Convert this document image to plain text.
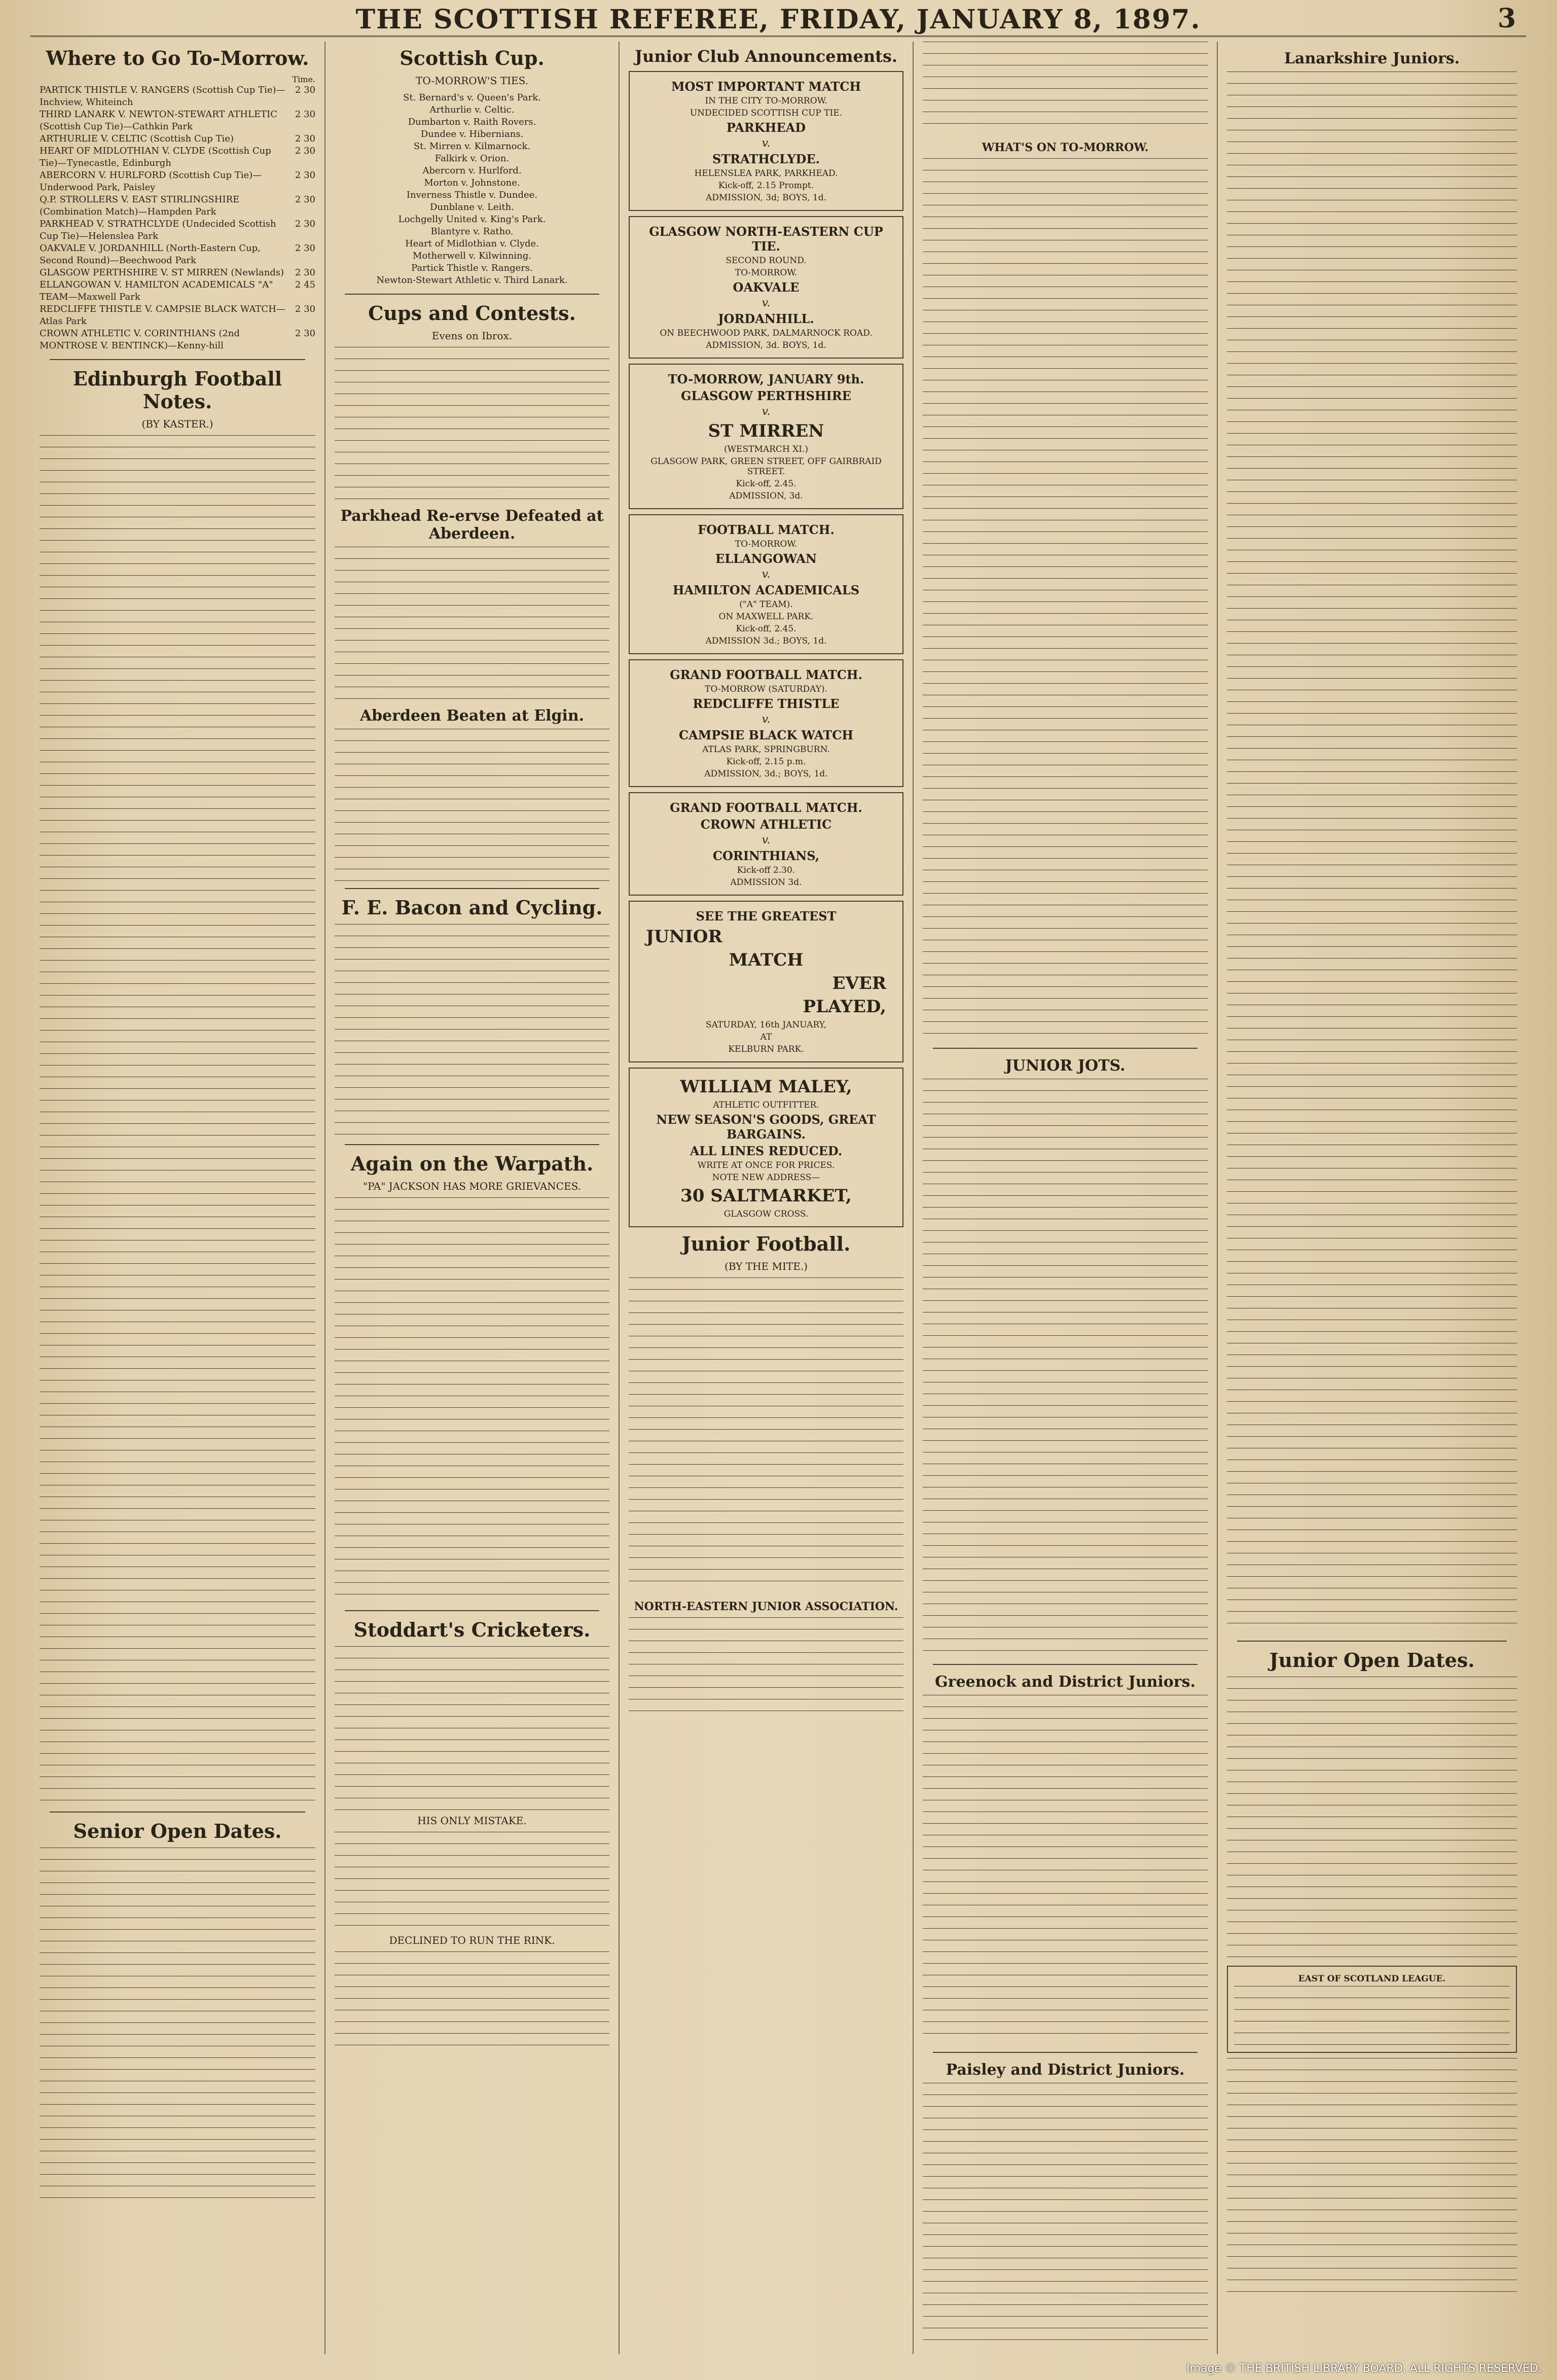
THE SCOTTISH REFEREE, FRIDAY, JANUARY 8, 1897.	3
Where to Go To-Morrow.
Time.
PARTICK THISTLE V. RANGERS (Scottish Cup Tie)—Inchview, Whiteinch
2 30
THIRD LANARK V. NEWTON-STEWART ATHLETIC (Scottish Cup Tie)—Cathkin Park
2 30
ARTHURLIE V. CELTIC (Scottish Cup Tie)	2 30
HEART OF MIDLOTHIAN V. CLYDE (Scottish Cup Tie)—Tynecastle, Edinburgh
2 30
ABERCORN V. HURLFORD (Scottish Cup Tie)—Underwood Park, Paisley
2 30
Q.P. STROLLERS V. EAST STIRLINGSHIRE (Combination Match)—Hampden Park
2 30
PARKHEAD V. STRATHCLYDE (Undecided Scottish Cup Tie)—Helenslea Park
2 30
OAKVALE V. JORDANHILL (North-Eastern Cup, Second Round)—Beechwood Park
2 30
GLASGOW PERTHSHIRE V. ST MIRREN (Newlands)	2 30
ELLANGOWAN V. HAMILTON ACADEMICALS "A" TEAM—Maxwell Park
2 45
REDCLIFFE THISTLE V. CAMPSIE BLACK WATCH—Atlas Park
2 30
CROWN ATHLETIC V. CORINTHIANS (2nd MONTROSE V. BENTINCK)—Kenny-hill
2 30
Edinburgh Football Notes.
(BY KASTER.)
Senior Open Dates.
Scottish Cup.
TO-MORROW'S TIES.

St. Bernard's v. Queen's Park.

Arthurlie v. Celtic.

Dumbarton v. Raith Rovers.

Dundee v. Hibernians.

St. Mirren v. Kilmarnock.

Falkirk v. Orion.

Abercorn v. Hurlford.

Morton v. Johnstone.

Inverness Thistle v. Dundee.

Dunblane v. Leith.

Lochgelly United v. King's Park.

Blantyre v. Ratho.

Heart of Midlothian v. Clyde.

Motherwell v. Kilwinning.

Partick Thistle v. Rangers.

Newton-Stewart Athletic v. Third Lanark.

Cups and Contests.
Evens on Ibrox.
Parkhead Re-ervse Defeated at Aberdeen.
Aberdeen Beaten at Elgin.
F. E. Bacon and Cycling.
Again on the Warpath.
"PA" JACKSON HAS MORE GRIEVANCES.
Stoddart's Cricketers.
HIS ONLY MISTAKE.
DECLINED TO RUN THE RINK.
Junior Club Announcements.
MOST IMPORTANT MATCH
IN THE CITY TO-MORROW.
UNDECIDED SCOTTISH CUP TIE.
PARKHEAD
v.
STRATHCLYDE.
HELENSLEA PARK, PARKHEAD.
Kick-off, 2.15 Prompt.
ADMISSION, 3d; BOYS, 1d.
GLASGOW NORTH-EASTERN CUP TIE.
SECOND ROUND.
TO-MORROW.
OAKVALE
v.
JORDANHILL.
ON BEECHWOOD PARK, DALMARNOCK ROAD.
ADMISSION, 3d. BOYS, 1d.
TO-MORROW, JANUARY 9th.
GLASGOW PERTHSHIRE
v.
ST MIRREN
(WESTMARCH XI.)
GLASGOW PARK, GREEN STREET, OFF GAIRBRAID STREET.
Kick-off, 2.45.
ADMISSION, 3d.
FOOTBALL MATCH.
TO-MORROW.
ELLANGOWAN
v.
HAMILTON ACADEMICALS
("A" TEAM).
ON MAXWELL PARK.
Kick-off, 2.45.
ADMISSION 3d.; BOYS, 1d.
GRAND FOOTBALL MATCH.
TO-MORROW (SATURDAY).
REDCLIFFE THISTLE
v.
CAMPSIE BLACK WATCH
ATLAS PARK, SPRINGBURN.
Kick-off, 2.15 p.m.
ADMISSION, 3d.; BOYS, 1d.
GRAND FOOTBALL MATCH.
CROWN ATHLETIC
v.
CORINTHIANS,
Kick-off 2.30.
ADMISSION 3d.
SEE THE GREATEST
JUNIOR
MATCH
EVER
PLAYED,
SATURDAY, 16th JANUARY,
AT
KELBURN PARK.
WILLIAM MALEY,
ATHLETIC OUTFITTER.
NEW SEASON'S GOODS, GREAT BARGAINS.
ALL LINES REDUCED.
WRITE AT ONCE FOR PRICES.
NOTE NEW ADDRESS—
30 SALTMARKET,
GLASGOW CROSS.
Junior Football.
(BY THE MITE.)
NORTH-EASTERN JUNIOR ASSOCIATION.
WHAT'S ON TO-MORROW.
JUNIOR JOTS.
Greenock and District Juniors.
Paisley and District Juniors.
Lanarkshire Juniors.
Junior Open Dates.
EAST OF SCOTLAND LEAGUE.
Image © THE BRITISH LIBRARY BOARD. ALL RIGHTS RESERVED.
